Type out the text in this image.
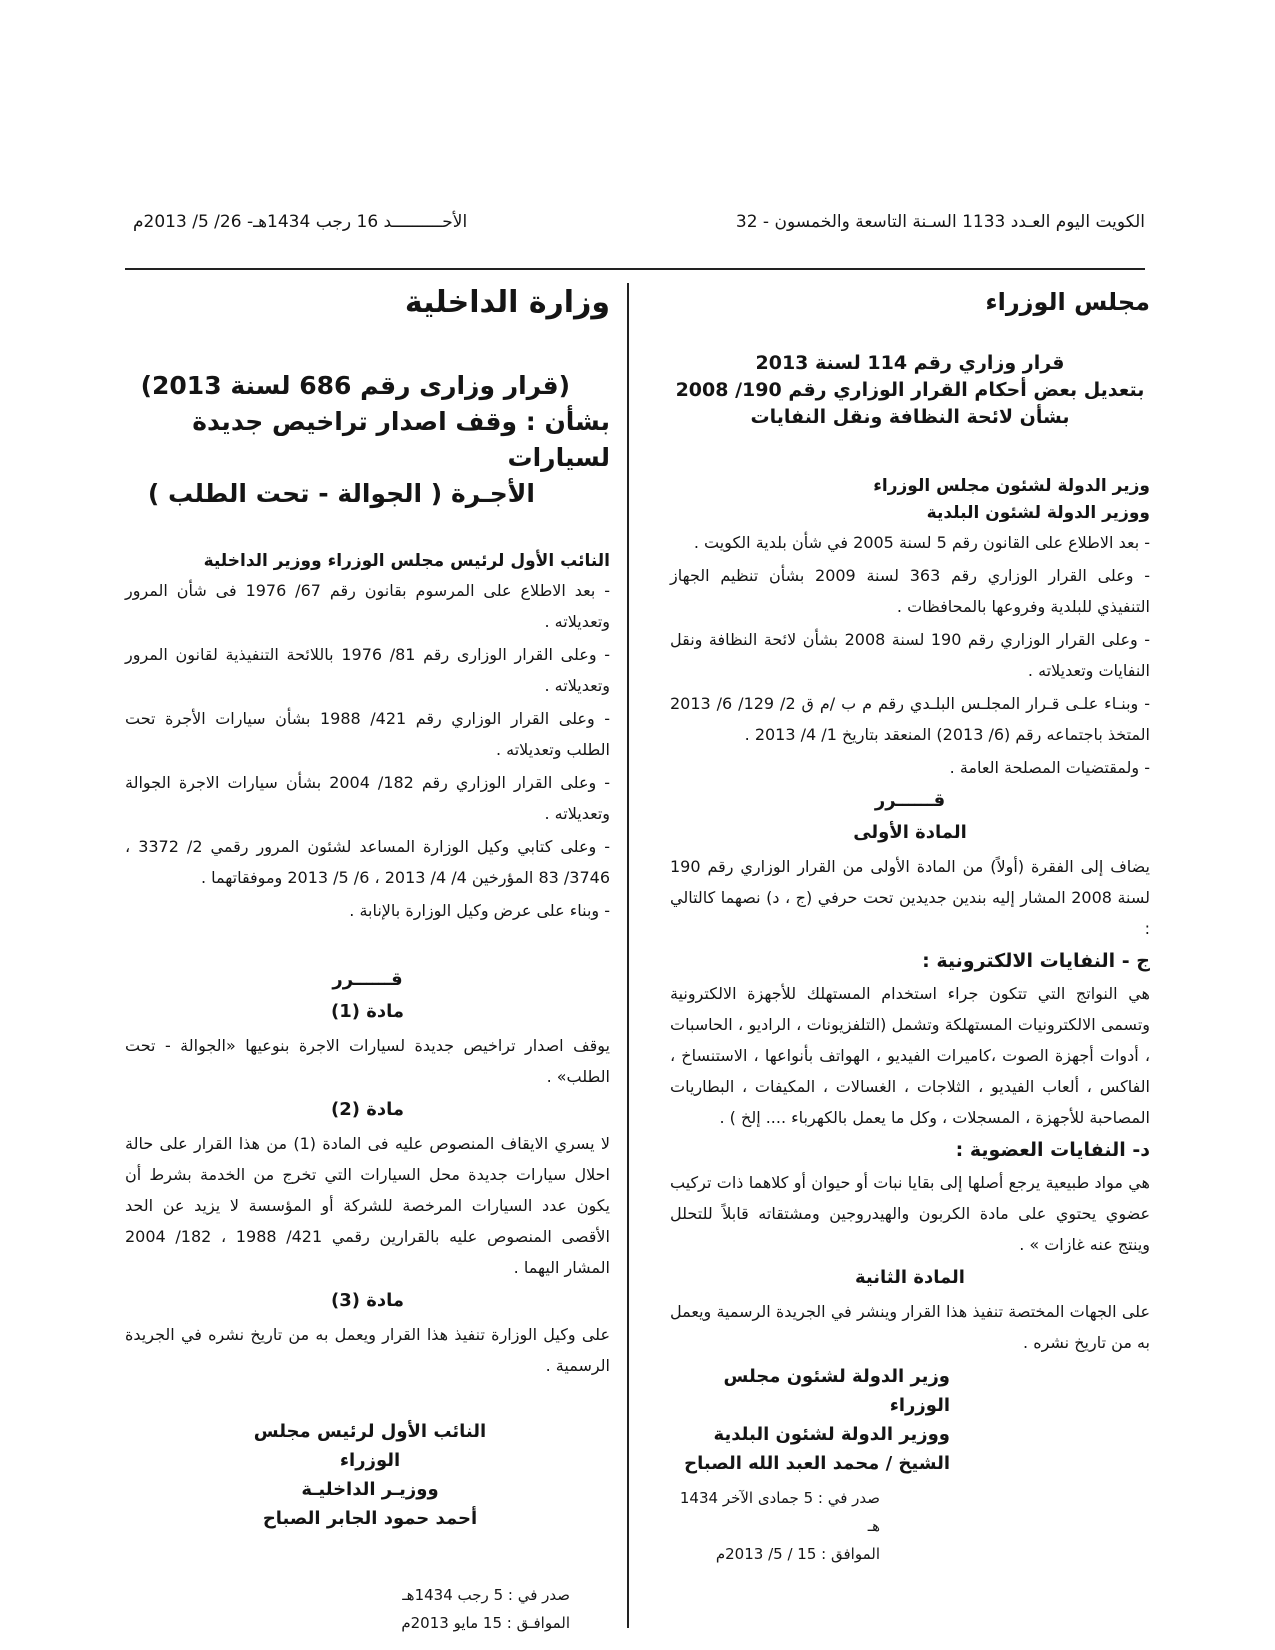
الكويت اليوم العـدد 1133 السـنة التاسعة والخمسون - 32
الأحــــــــــد 16 رجب 1434هـ- 26/ 5/ 2013م
مجلس الوزراء
قرار وزاري رقم 114 لسنة 2013
بتعديل بعض أحكام القرار الوزاري رقم 190/ 2008
بشأن لائحة النظافة ونقل النفايات
وزير الدولة لشئون مجلس الوزراء
ووزير الدولة لشئون البلدية

- بعد الاطلاع على القانون رقم 5 لسنة 2005 في شأن بلدية الكويت .

- وعلى القرار الوزاري رقم 363 لسنة 2009 بشأن تنظيم الجهاز التنفيذي للبلدية وفروعها بالمحافظات .

- وعلى القرار الوزاري رقم 190 لسنة 2008 بشأن لائحة النظافة ونقل النفايات وتعديلاته .

- وبنـاء علـى قـرار المجلـس البلـدي رقم م ب /م ق 2/ 129/ 6/ 2013 المتخذ باجتماعه رقم (6/ 2013) المنعقد بتاريخ 1/ 4/ 2013 .

- ولمقتضيات المصلحة العامة .

قــــــرر
المادة الأولى

يضاف إلى الفقرة (أولاً) من المادة الأولى من القرار الوزاري رقم 190 لسنة 2008 المشار إليه بندين جديدين تحت حرفي (ج ، د) نصهما كالتالي :

ج - النفايات الالكترونية :

هي النواتج التي تتكون جراء استخدام المستهلك للأجهزة الالكترونية وتسمى الالكترونيات المستهلكة وتشمل (التلفزيونات ، الراديو ، الحاسبات ، أدوات أجهزة الصوت ،كاميرات الفيديو ، الهواتف بأنواعها ، الاستنساخ ، الفاكس ، ألعاب الفيديو ، الثلاجات ، الغسالات ، المكيفات ، البطاريات المصاحبة للأجهزة ، المسجلات ، وكل ما يعمل بالكهرباء .... إلخ ) .

د- النفايات العضوية :

هي مواد طبيعية يرجع أصلها إلى بقايا نبات أو حيوان أو كلاهما ذات تركيب عضوي يحتوي على مادة الكربون والهيدروجين ومشتقاته قابلاً للتحلل وينتج عنه غازات » .

المادة الثانية

على الجهات المختصة تنفيذ هذا القرار وينشر في الجريدة الرسمية ويعمل به من تاريخ نشره .

وزير الدولة لشئون مجلس الوزراء
ووزير الدولة لشئون البلدية
الشيخ / محمد العبد الله الصباح
صدر في : 5 جمادى الآخر 1434 هـ
الموافق : 15 / 5/ 2013م
وزارة الداخلية
(قرار وزارى رقم 686 لسنة 2013)
بشأن : وقف اصدار تراخيص جديدة لسيارات
الأجـرة ( الجوالة - تحت الطلب )
النائب الأول لرئيس مجلس الوزراء ووزير الداخلية

- بعد الاطلاع على المرسوم بقانون رقم 67/ 1976 فى شأن المرور وتعديلاته .

- وعلى القرار الوزارى رقم 81/ 1976 باللائحة التنفيذية لقانون المرور وتعديلاته .

- وعلى القرار الوزاري رقم 421/ 1988 بشأن سيارات الأجرة تحت الطلب وتعديلاته .

- وعلى القرار الوزاري رقم 182/ 2004 بشأن سيارات الاجرة الجوالة وتعديلاته .

- وعلى كتابي وكيل الوزارة المساعد لشئون المرور رقمي 2/ 3372 ، 3746/ 83 المؤرخين 4/ 4/ 2013 ، 6/ 5/ 2013 وموفقاتهما .

- وبناء على عرض وكيل الوزارة بالإنابة .

قــــــرر
مادة (1)

يوقف اصدار تراخيص جديدة لسيارات الاجرة بنوعيها «الجوالة - تحت الطلب» .

مادة (2)

لا يسري الايقاف المنصوص عليه فى المادة (1) من هذا القرار على حالة احلال سيارات جديدة محل السيارات التي تخرج من الخدمة بشرط أن يكون عدد السيارات المرخصة للشركة أو المؤسسة لا يزيد عن الحد الأقصى المنصوص عليه بالقرارين رقمي 421/ 1988 ، 182/ 2004 المشار اليهما .

مادة (3)

على وكيل الوزارة تنفيذ هذا القرار ويعمل به من تاريخ نشره في الجريدة الرسمية .

النائب الأول لرئيس مجلس الوزراء
ووزيـر الداخليـة
أحمد حمود الجابر الصباح
صدر في : 5 رجب 1434هـ
الموافـق : 15 مايو 2013م
